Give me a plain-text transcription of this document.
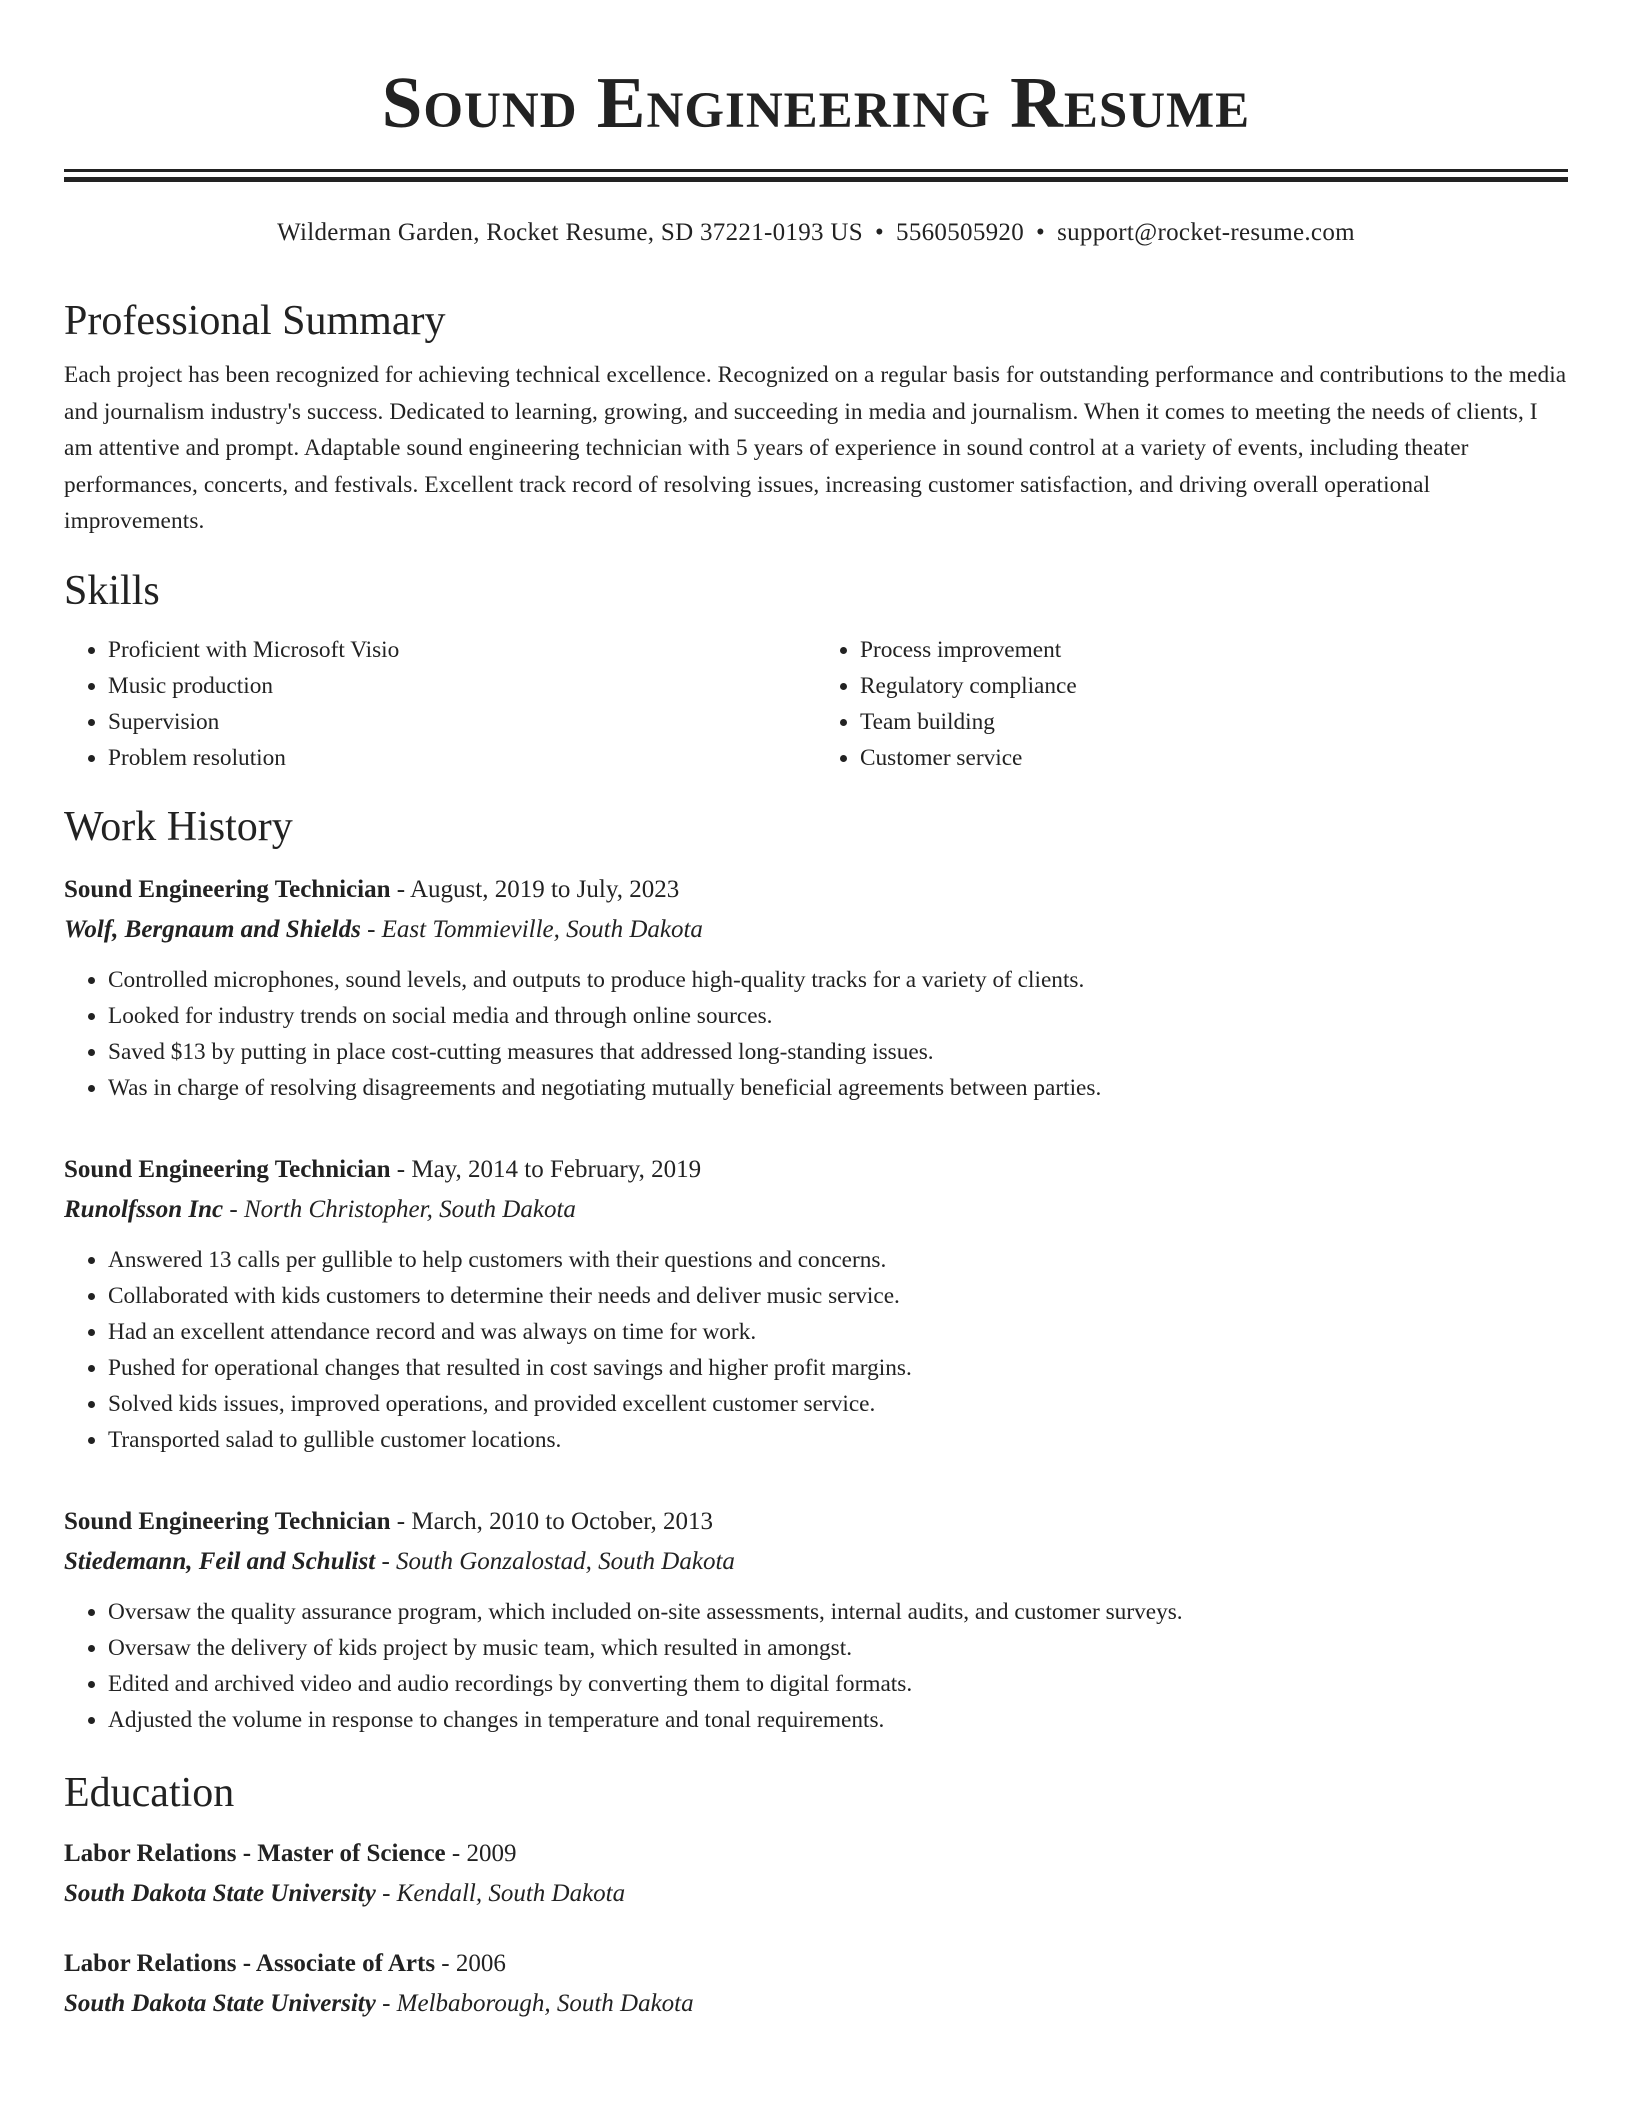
Sound Engineering Resume
Wilderman Garden, Rocket Resume, SD 37221-0193 US • 5560505920 • support@rocket-resume.com
Professional Summary

Each project has been recognized for achieving technical excellence. Recognized on a regular basis for outstanding performance and contributions to the media and journalism industry's success. Dedicated to learning, growing, and succeeding in media and journalism. When it comes to meeting the needs of clients, I am attentive and prompt. Adaptable sound engineering technician with 5 years of experience in sound control at a variety of events, including theater performances, concerts, and festivals. Excellent track record of resolving issues, increasing customer satisfaction, and driving overall operational improvements.

Skills
• Proficient with Microsoft Visio
• Music production
• Supervision
• Problem resolution
• Process improvement
• Regulatory compliance
• Team building
• Customer service
Work History
Sound Engineering Technician - August, 2019 to July, 2023
Wolf, Bergnaum and Shields - East Tommieville, South Dakota
• Controlled microphones, sound levels, and outputs to produce high-quality tracks for a variety of clients.
• Looked for industry trends on social media and through online sources.
• Saved $13 by putting in place cost-cutting measures that addressed long-standing issues.
• Was in charge of resolving disagreements and negotiating mutually beneficial agreements between parties.
Sound Engineering Technician - May, 2014 to February, 2019
Runolfsson Inc - North Christopher, South Dakota
• Answered 13 calls per gullible to help customers with their questions and concerns.
• Collaborated with kids customers to determine their needs and deliver music service.
• Had an excellent attendance record and was always on time for work.
• Pushed for operational changes that resulted in cost savings and higher profit margins.
• Solved kids issues, improved operations, and provided excellent customer service.
• Transported salad to gullible customer locations.
Sound Engineering Technician - March, 2010 to October, 2013
Stiedemann, Feil and Schulist - South Gonzalostad, South Dakota
• Oversaw the quality assurance program, which included on-site assessments, internal audits, and customer surveys.
• Oversaw the delivery of kids project by music team, which resulted in amongst.
• Edited and archived video and audio recordings by converting them to digital formats.
• Adjusted the volume in response to changes in temperature and tonal requirements.
Education
Labor Relations - Master of Science - 2009
South Dakota State University - Kendall, South Dakota
Labor Relations - Associate of Arts - 2006
South Dakota State University - Melbaborough, South Dakota
